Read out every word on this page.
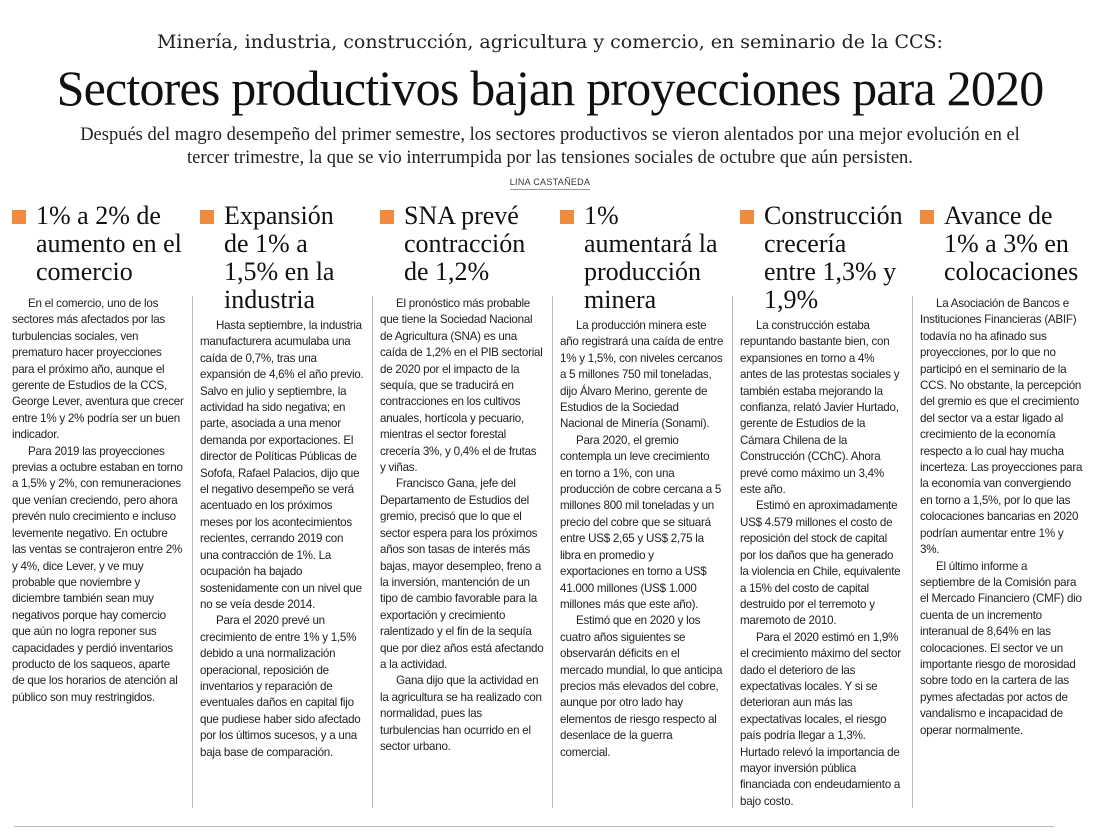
Minería, industria, construcción, agricultura y comercio, en seminario de la CCS:
Sectores productivos bajan proyecciones para 2020
Después del magro desempeño del primer semestre, los sectores productivos se vieron alentados por una mejor evolución en el tercer trimestre, la que se vio interrumpida por las tensiones sociales de octubre que aún persisten.
LINA CASTAÑEDA
1% a 2% de aumento en el comercio

En el comercio, uno de los sectores más afectados por las turbulencias sociales, ven prematuro hacer proyecciones para el próximo año, aunque el gerente de Estudios de la CCS, George Lever, aventura que crecer entre 1% y 2% podría ser un buen indicador.

Para 2019 las proyecciones previas a octubre estaban en torno a 1,5% y 2%, con remuneraciones que venían creciendo, pero ahora prevén nulo crecimiento e incluso levemente negativo. En octubre las ventas se contrajeron entre 2% y 4%, dice Lever, y ve muy probable que noviembre y diciembre también sean muy negativos porque hay comercio que aún no logra reponer sus capacidades y perdió inventarios producto de los saqueos, aparte de que los horarios de atención al público son muy restringidos.

Expansión de 1% a 1,5% en la industria

Hasta septiembre, la industria manufacturera acumulaba una caída de 0,7%, tras una expansión de 4,6% el año previo. Salvo en julio y septiembre, la actividad ha sido negativa; en parte, asociada a una menor demanda por exportaciones. El director de Políticas Públicas de Sofofa, Rafael Palacios, dijo que el negativo desempeño se verá acentuado en los próximos meses por los acontecimientos recientes, cerrando 2019 con una contracción de 1%. La ocupación ha bajado sostenidamente con un nivel que no se veía desde 2014.

Para el 2020 prevé un crecimiento de entre 1% y 1,5% debido a una normalización operacional, reposición de inventarios y reparación de eventuales daños en capital fijo que pudiese haber sido afectado por los últimos sucesos, y a una baja base de comparación.

SNA prevé contracción de 1,2%

El pronóstico más probable que tiene la Sociedad Nacional de Agricultura (SNA) es una caída de 1,2% en el PIB sectorial de 2020 por el impacto de la sequía, que se traducirá en contracciones en los cultivos anuales, hortícola y pecuario, mientras el sector forestal crecería 3%, y 0,4% el de frutas y viñas.

Francisco Gana, jefe del Departamento de Estudios del gremio, precisó que lo que el sector espera para los próximos años son tasas de interés más bajas, mayor desempleo, freno a la inversión, mantención de un tipo de cambio favorable para la exportación y crecimiento ralentizado y el fin de la sequía que por diez años está afectando a la actividad.

Gana dijo que la actividad en la agricultura se ha realizado con normalidad, pues las turbulencias han ocurrido en el sector urbano.

1% aumentará la producción minera

La producción minera este año registrará una caída de entre 1% y 1,5%, con niveles cercanos a 5 millones 750 mil toneladas, dijo Álvaro Merino, gerente de Estudios de la Sociedad Nacional de Minería (Sonami).

Para 2020, el gremio contempla un leve crecimiento en torno a 1%, con una producción de cobre cercana a 5 millones 800 mil toneladas y un precio del cobre que se situará entre US$ 2,65 y US$ 2,75 la libra en promedio y exportaciones en torno a US$ 41.000 millones (US$ 1.000 millones más que este año).

Estimó que en 2020 y los cuatro años siguientes se observarán déficits en el mercado mundial, lo que anticipa precios más elevados del cobre, aunque por otro lado hay elementos de riesgo respecto al desenlace de la guerra comercial.

Construcción crecería entre 1,3% y 1,9%

La construcción estaba repuntando bastante bien, con expansiones en torno a 4% antes de las protestas sociales y también estaba mejorando la confianza, relató Javier Hurtado, gerente de Estudios de la Cámara Chilena de la Construcción (CChC). Ahora prevé como máximo un 3,4% este año.

Estimó en aproximadamente US$ 4.579 millones el costo de reposición del stock de capital por los daños que ha generado la violencia en Chile, equivalente a 15% del costo de capital destruido por el terremoto y maremoto de 2010.

Para el 2020 estimó en 1,9% el crecimiento máximo del sector dado el deterioro de las expectativas locales. Y si se deterioran aun más las expectativas locales, el riesgo país podría llegar a 1,3%. Hurtado relevó la importancia de mayor inversión pública financiada con endeudamiento a bajo costo.

Avance de 1% a 3% en colocaciones

La Asociación de Bancos e Instituciones Financieras (ABIF) todavía no ha afinado sus proyecciones, por lo que no participó en el seminario de la CCS. No obstante, la percepción del gremio es que el crecimiento del sector va a estar ligado al crecimiento de la economía respecto a lo cual hay mucha incerteza. Las proyecciones para la economía van convergiendo en torno a 1,5%, por lo que las colocaciones bancarias en 2020 podrían aumentar entre 1% y 3%.

El último informe a septiembre de la Comisión para el Mercado Financiero (CMF) dio cuenta de un incremento interanual de 8,64% en las colocaciones. El sector ve un importante riesgo de morosidad sobre todo en la cartera de las pymes afectadas por actos de vandalismo e incapacidad de operar normalmente.
